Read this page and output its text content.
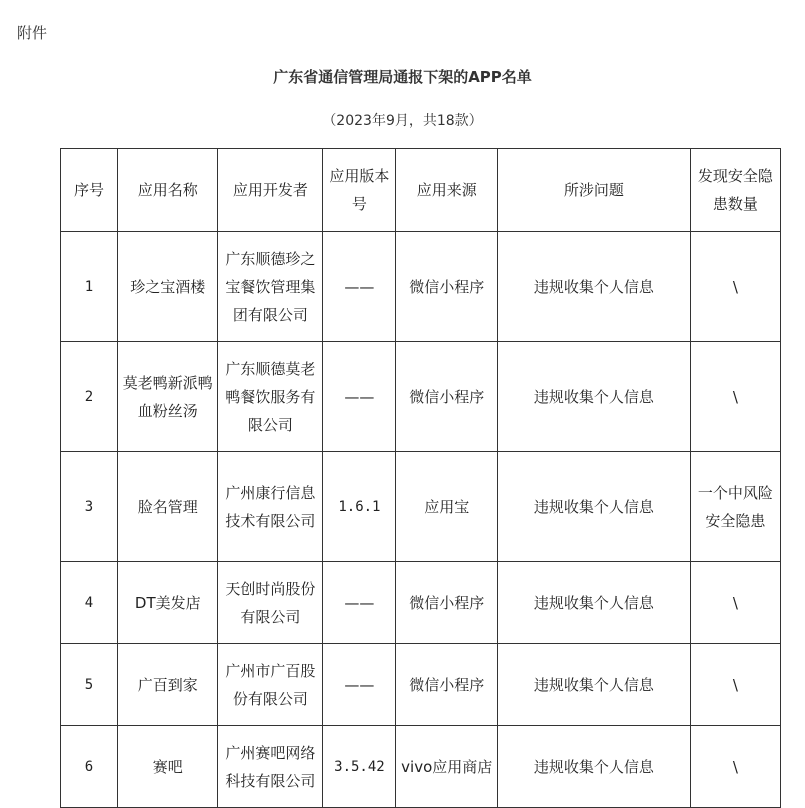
附件
广东省通信管理局通报下架的APP名单
（2023年9月，共18款）
序号	应用名称	应用开发者	应用版本号	应用来源	所涉问题	发现安全隐患数量
1	珍之宝酒楼	广东顺德珍之宝餐饮管理集团有限公司	——	微信小程序	违规收集个人信息	\
2	莫老鸭新派鸭血粉丝汤	广东顺德莫老鸭餐饮服务有限公司	——	微信小程序	违规收集个人信息	\
3	脸名管理	广州康行信息技术有限公司	1.6.1	应用宝	违规收集个人信息	一个中风险安全隐患
4	DT美发店	天创时尚股份有限公司	——	微信小程序	违规收集个人信息	\
5	广百到家	广州市广百股份有限公司	——	微信小程序	违规收集个人信息	\
6	赛吧	广州赛吧网络科技有限公司	3.5.42	vivo应用商店	违规收集个人信息	\
